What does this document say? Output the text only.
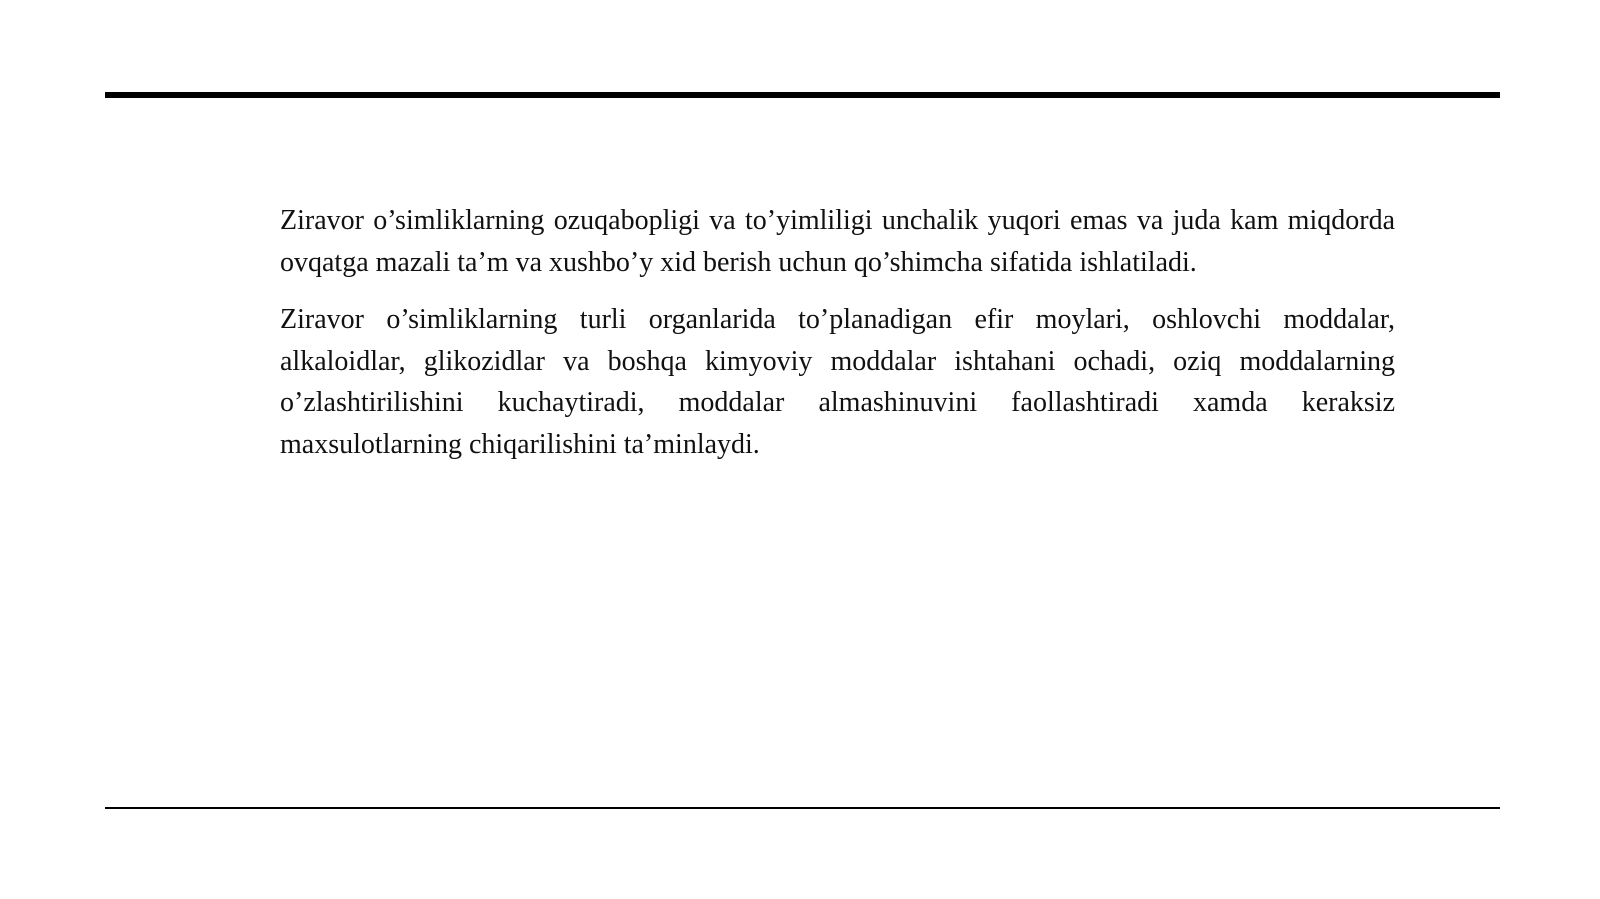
Ziravor o’simliklarning ozuqabopligi va to’yimliligi unchalik yuqori emas va juda kam miqdorda ovqatga mazali ta’m va xushbo’y xid berish uchun qo’shimcha sifatida ishlatiladi.

Ziravor o’simliklarning turli organlarida to’planadigan efir moylari, oshlovchi moddalar, alkaloidlar, glikozidlar va boshqa kimyoviy moddalar ishtahani ochadi, oziq moddalarning o’zlashtirilishini kuchaytiradi, moddalar almashinuvini faollashtiradi xamda keraksiz maxsulotlarning chiqarilishini ta’minlaydi.
